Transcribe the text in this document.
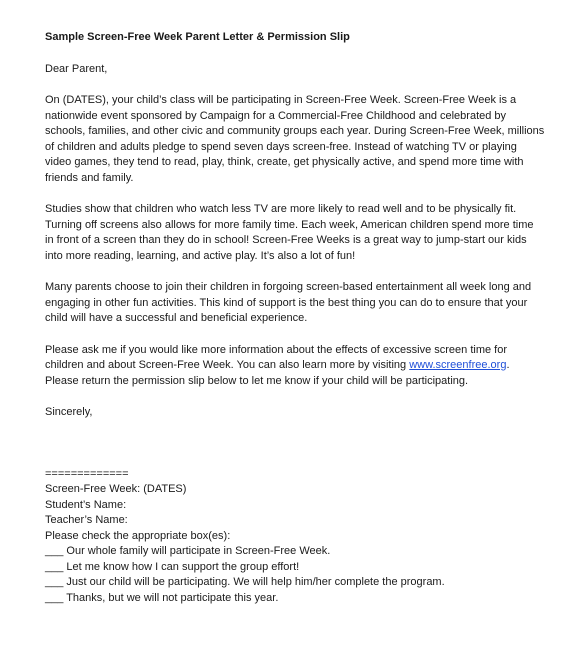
Sample Screen-Free Week Parent Letter & Permission Slip
Dear Parent,

On (DATES), your child’s class will be participating in Screen-Free Week. Screen-Free Week is a nationwide event sponsored by Campaign for a Commercial-Free Childhood and celebrated by schools, families, and other civic and community groups each year. During Screen-Free Week, millions of children and adults pledge to spend seven days screen-free. Instead of watching TV or playing video games, they tend to read, play, think, create, get physically active, and spend more time with friends and family.

Studies show that children who watch less TV are more likely to read well and to be physically fit. Turning off screens also allows for more family time. Each week, American children spend more time in front of a screen than they do in school! Screen-Free Weeks is a great way to jump-start our kids into more reading, learning, and active play. It’s also a lot of fun!

Many parents choose to join their children in forgoing screen-based entertainment all week long and engaging in other fun activities. This kind of support is the best thing you can do to ensure that your child will have a successful and beneficial experience.

Please ask me if you would like more information about the effects of excessive screen time for children and about Screen-Free Week. You can also learn more by visiting www.screenfree.org. Please return the permission slip below to let me know if your child will be participating.

Sincerely,
=============
Screen-Free Week: (DATES)
Student’s Name:
Teacher’s Name:
Please check the appropriate box(es):
___ Our whole family will participate in Screen-Free Week.
___ Let me know how I can support the group effort!
___ Just our child will be participating. We will help him/her complete the program.
___ Thanks, but we will not participate this year.
